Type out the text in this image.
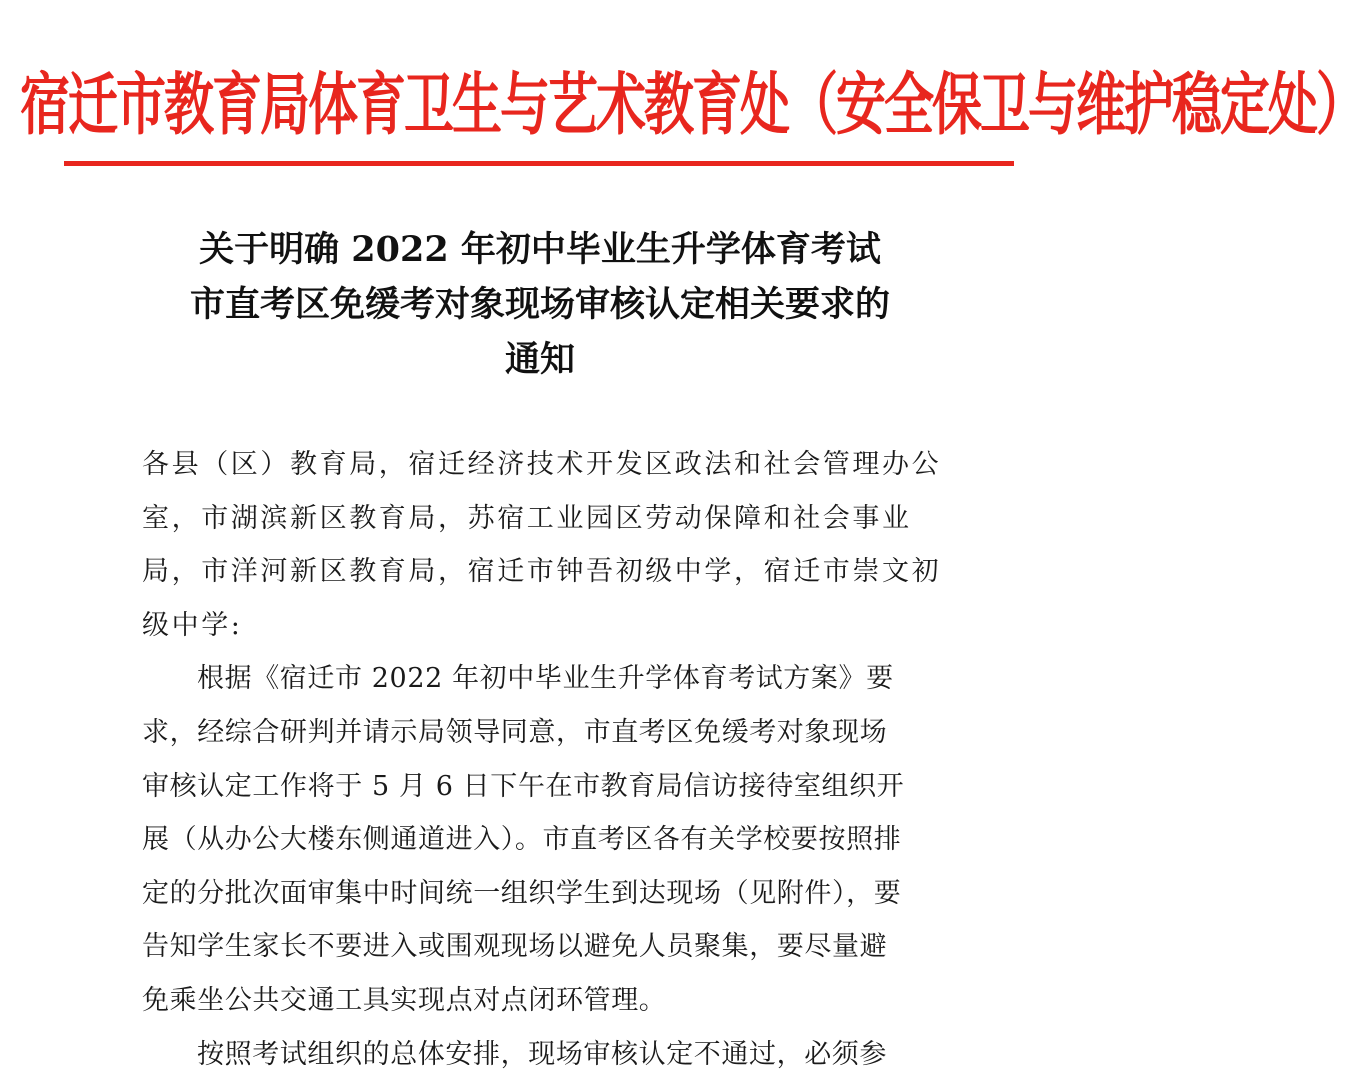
宿迁市教育局体育卫生与艺术教育处（安全保卫与维护稳定处）
关于明确 2022 年初中毕业生升学体育考试
市直考区免缓考对象现场审核认定相关要求的
通知
各县（区）教育局，宿迁经济技术开发区政法和社会管理办公
室，市湖滨新区教育局，苏宿工业园区劳动保障和社会事业
局，市洋河新区教育局，宿迁市钟吾初级中学，宿迁市崇文初
级中学:
根据《宿迁市 2022 年初中毕业生升学体育考试方案》要
求，经综合研判并请示局领导同意，市直考区免缓考对象现场
审核认定工作将于 5 月 6 日下午在市教育局信访接待室组织开
展（从办公大楼东侧通道进入）。市直考区各有关学校要按照排
定的分批次面审集中时间统一组织学生到达现场（见附件），要
告知学生家长不要进入或围观现场以避免人员聚集，要尽量避
免乘坐公共交通工具实现点对点闭环管理。
按照考试组织的总体安排，现场审核认定不通过，必须参
